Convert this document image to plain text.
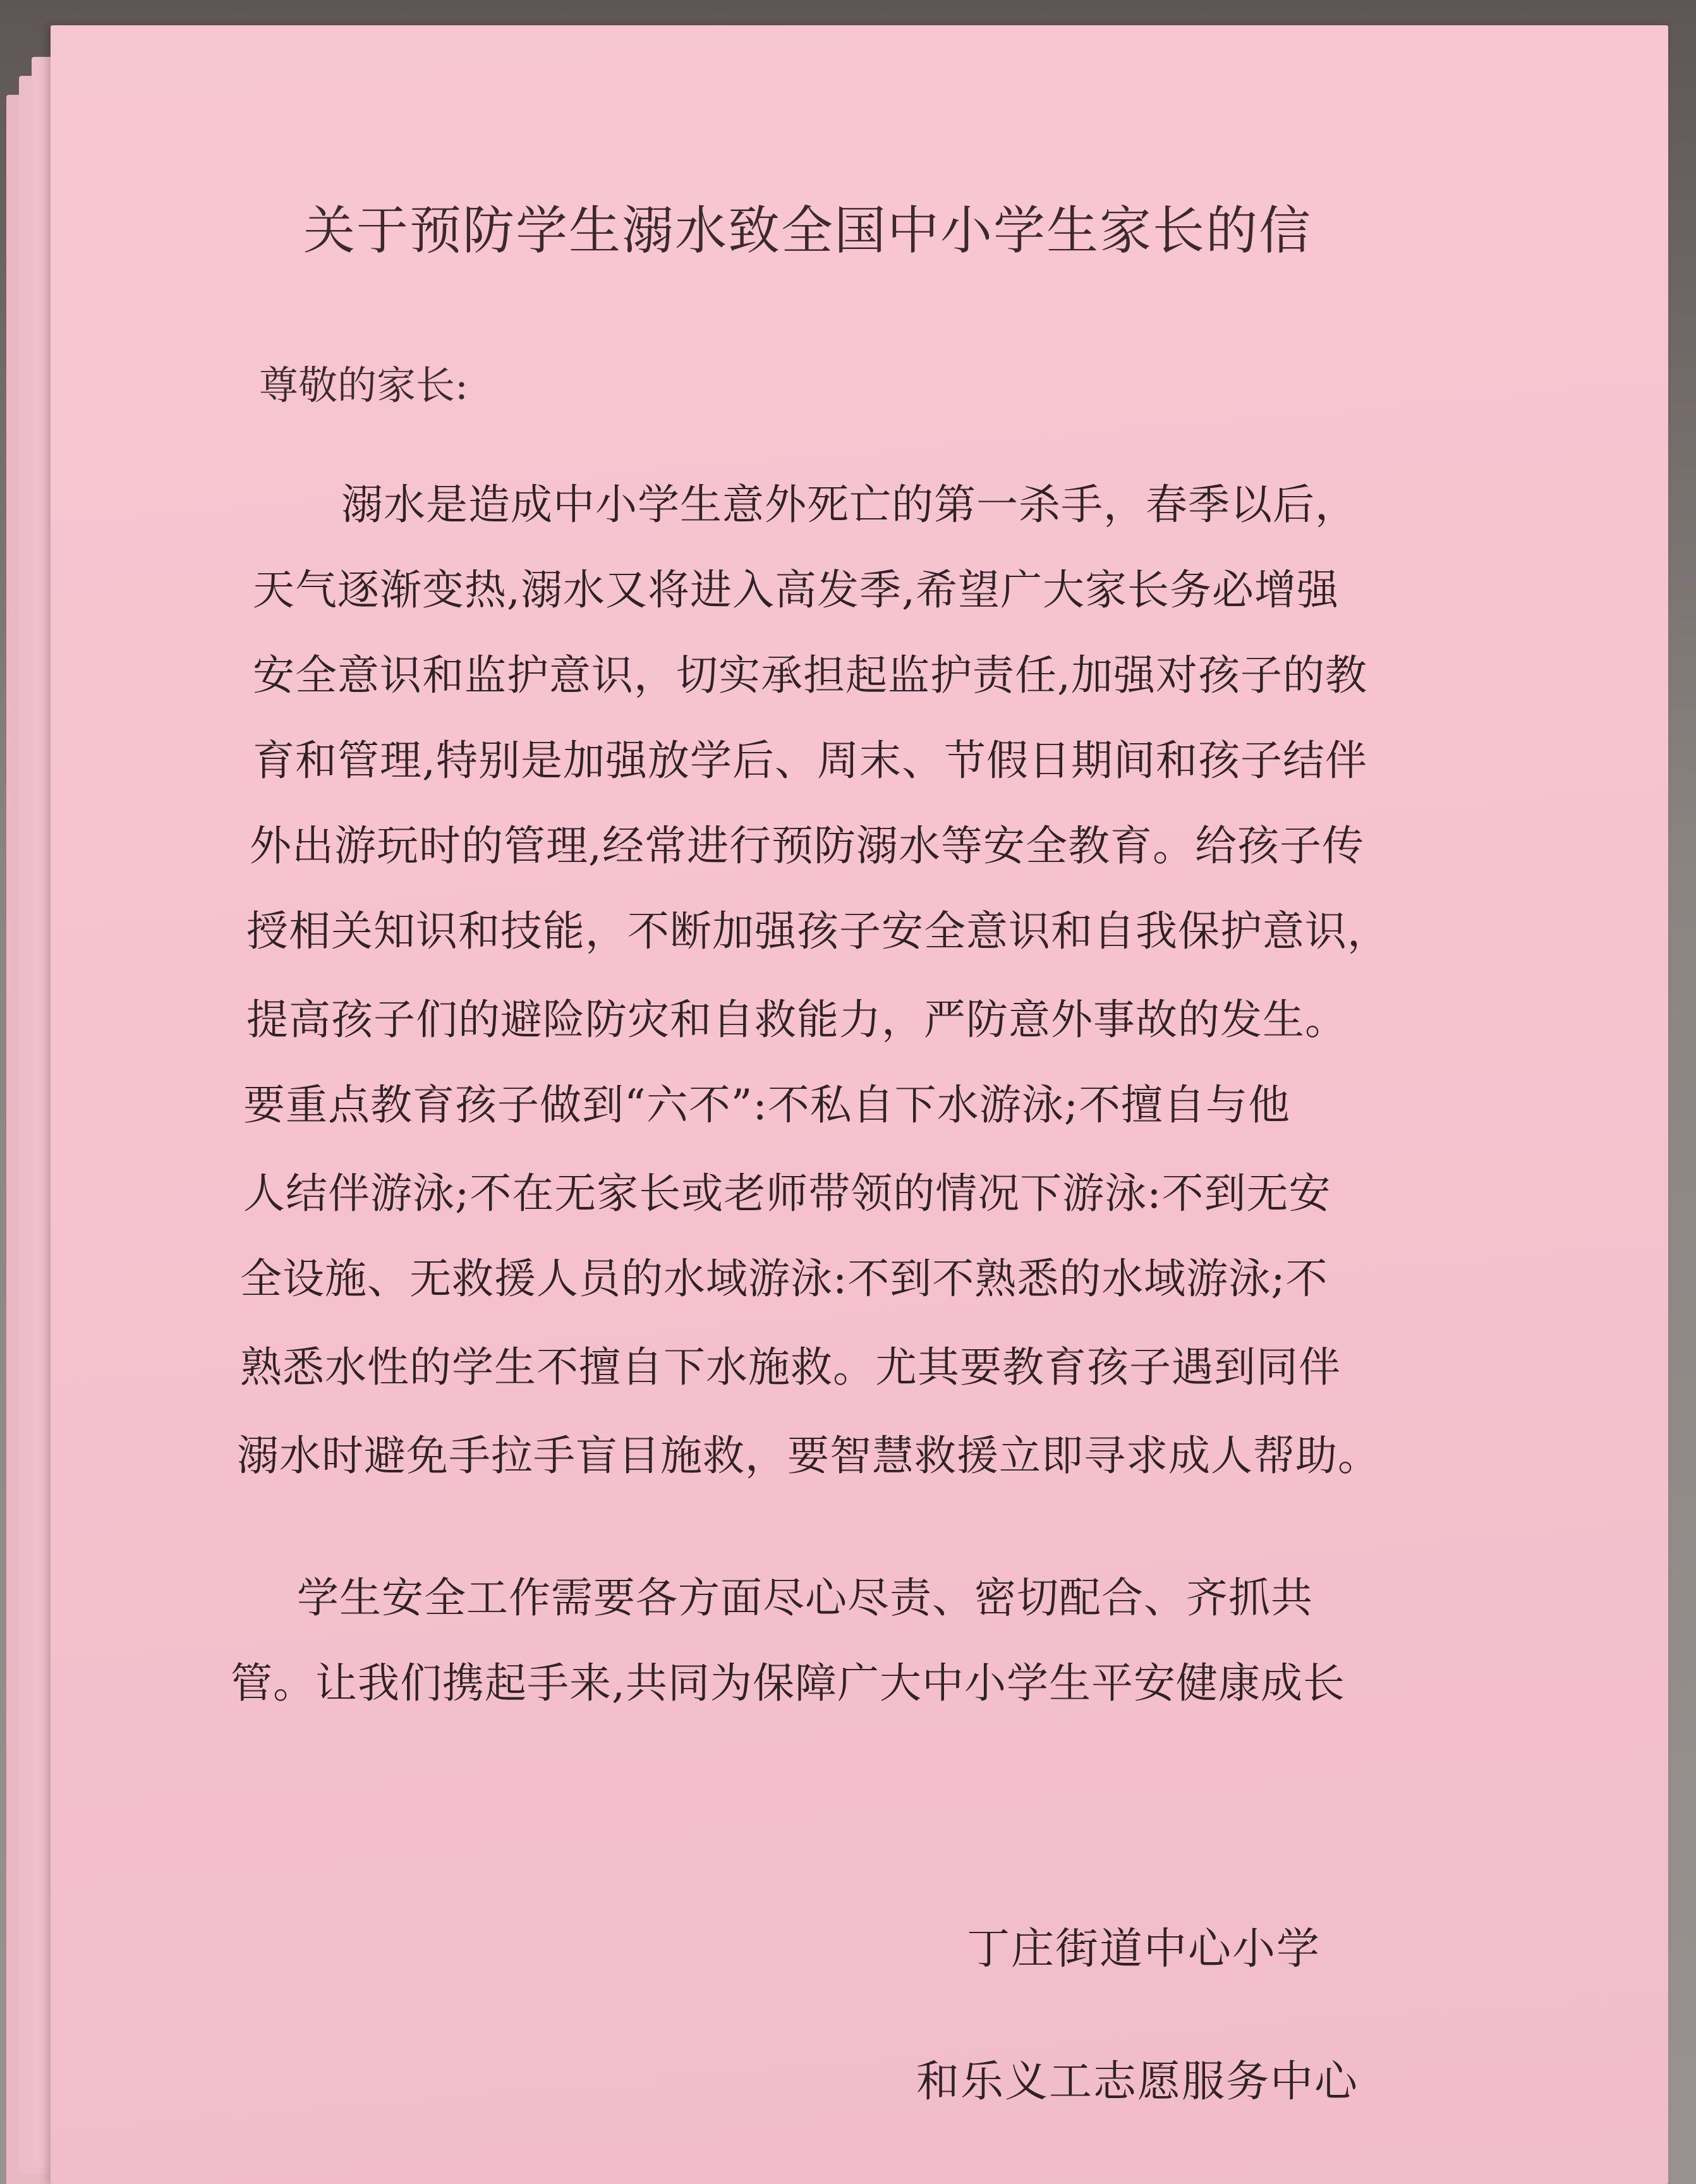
关于预防学生溺水致全国中小学生家长的信
尊敬的家长:
溺水是造成中小学生意外死亡的第一杀手，春季以后，
天气逐渐变热,溺水又将进入高发季,希望广大家长务必增强
安全意识和监护意识，切实承担起监护责任,加强对孩子的教
育和管理,特别是加强放学后、周末、节假日期间和孩子结伴
外出游玩时的管理,经常进行预防溺水等安全教育。给孩子传
授相关知识和技能，不断加强孩子安全意识和自我保护意识，
提高孩子们的避险防灾和自救能力，严防意外事故的发生。
要重点教育孩子做到“六不”:不私自下水游泳;不擅自与他
人结伴游泳;不在无家长或老师带领的情况下游泳:不到无安
全设施、无救援人员的水域游泳:不到不熟悉的水域游泳;不
熟悉水性的学生不擅自下水施救。尤其要教育孩子遇到同伴
溺水时避免手拉手盲目施救，要智慧救援立即寻求成人帮助。
学生安全工作需要各方面尽心尽责、密切配合、齐抓共
管。让我们携起手来,共同为保障广大中小学生平安健康成长
丁庄街道中心小学
和乐义工志愿服务中心
